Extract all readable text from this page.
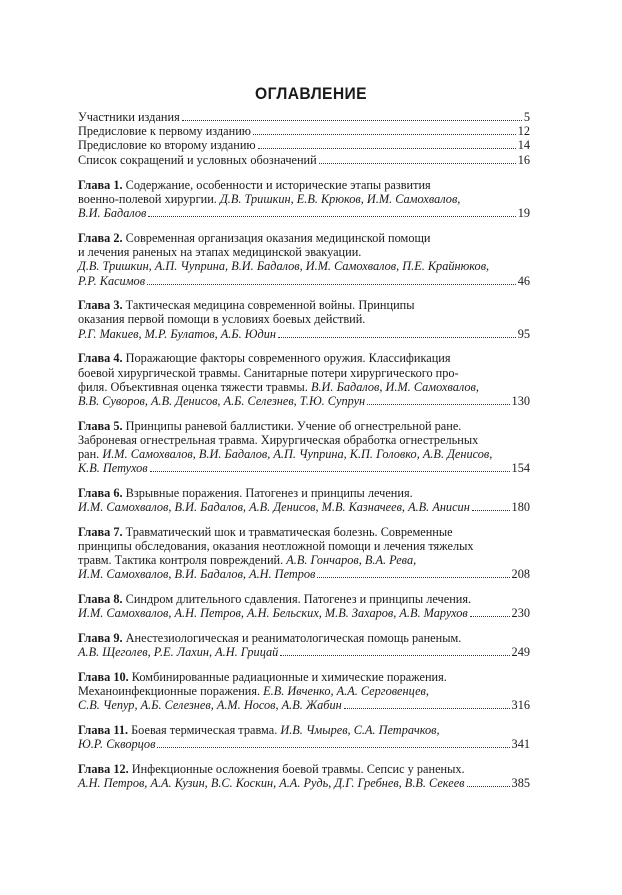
ОГЛАВЛЕНИЕ
Участники издания	5
Предисловие к первому изданию	12
Предисловие ко второму изданию	14
Список сокращений и условных обозначений	16
Глава 1. Содержание, особенности и исторические этапы развития
военно-полевой хирургии. Д.В. Тришкин, Е.В. Крюков, И.М. Самохвалов,
В.И. Бадалов	19
Глава 2. Современная организация оказания медицинской помощи
и лечения раненых на этапах медицинской эвакуации.
Д.В. Тришкин, А.П. Чуприна, В.И. Бадалов, И.М. Самохвалов, П.Е. Крайнюков,
Р.Р. Касимов	46
Глава 3. Тактическая медицина современной войны. Принципы
оказания первой помощи в условиях боевых действий.
Р.Г. Макиев, М.Р. Булатов, А.Б. Юдин	95
Глава 4. Поражающие факторы современного оружия. Классификация
боевой хирургической травмы. Санитарные потери хирургического про-
филя. Объективная оценка тяжести травмы. В.И. Бадалов, И.М. Самохвалов,
В.В. Суворов, А.В. Денисов, А.Б. Селезнев, Т.Ю. Супрун	130
Глава 5. Принципы раневой баллистики. Учение об огнестрельной ране.
Заброневая огнестрельная травма. Хирургическая обработка огнестрельных
ран. И.М. Самохвалов, В.И. Бадалов, А.П. Чуприна, К.П. Головко, А.В. Денисов,
К.В. Петухов	154
Глава 6. Взрывные поражения. Патогенез и принципы лечения.
И.М. Самохвалов, В.И. Бадалов, А.В. Денисов, М.В. Казначеев, А.В. Анисин	180
Глава 7. Травматический шок и травматическая болезнь. Современные
принципы обследования, оказания неотложной помощи и лечения тяжелых
травм. Тактика контроля повреждений. А.В. Гончаров, В.А. Рева,
И.М. Самохвалов, В.И. Бадалов, А.Н. Петров	208
Глава 8. Синдром длительного сдавления. Патогенез и принципы лечения.
И.М. Самохвалов, А.Н. Петров, А.Н. Бельских, М.В. Захаров, А.В. Марухов	230
Глава 9. Анестезиологическая и реаниматологическая помощь раненым.
А.В. Щеголев, Р.Е. Лахин, А.Н. Грицай	249
Глава 10. Комбинированные радиационные и химические поражения.
Механоинфекционные поражения. Е.В. Ивченко, А.А. Серговенцев,
С.В. Чепур, А.Б. Селезнев, А.М. Носов, А.В. Жабин	316
Глава 11. Боевая термическая травма. И.В. Чмырев, С.А. Петрачков,
Ю.Р. Скворцов	341
Глава 12. Инфекционные осложнения боевой травмы. Сепсис у раненых.
А.Н. Петров, А.А. Кузин, В.С. Коскин, А.А. Рудь, Д.Г. Гребнев, В.В. Секеев	385
